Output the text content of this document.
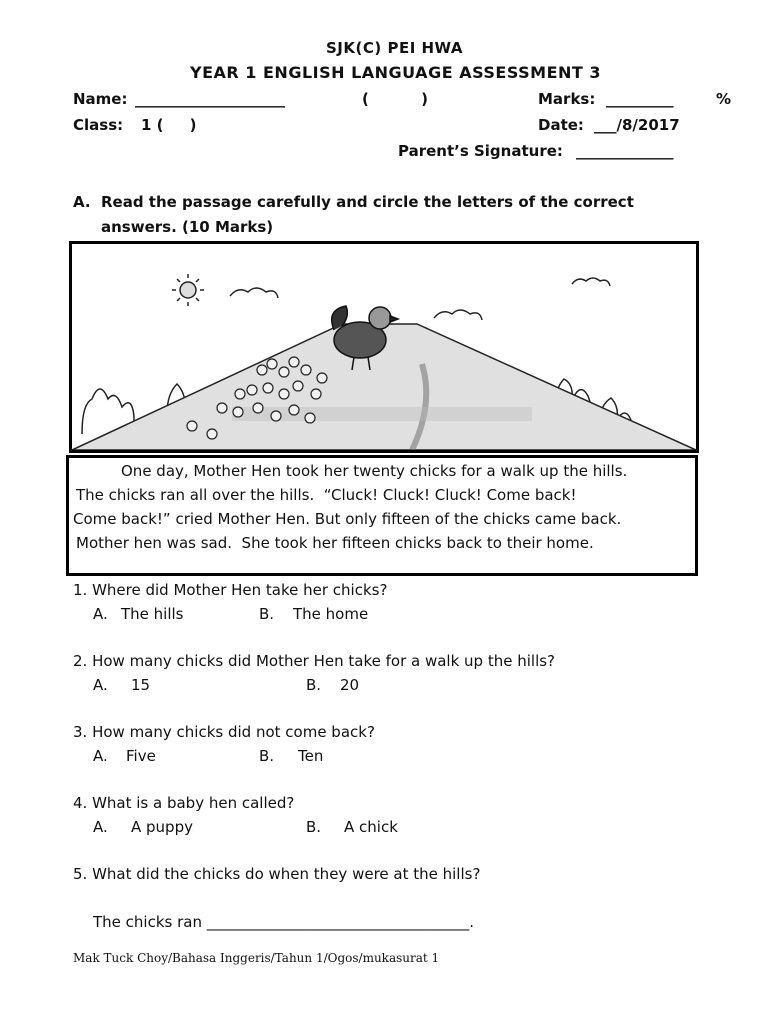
SJK(C) PEI HWA
YEAR 1 ENGLISH LANGUAGE ASSESSMENT 3
Name: ____________________	(          )	Marks: _________	%
Class: 1 (     )	Date: ___/8/2017
Parent’s Signature: _____________
A. Read the passage carefully and circle the letters of the correct
answers. (10 Marks)
One day, Mother Hen took her twenty chicks for a walk up the hills.
The chicks ran all over the hills.  “Cluck! Cluck! Cluck! Come back!
Come back!” cried Mother Hen. But only fifteen of the chicks came back.
Mother hen was sad.  She took her fifteen chicks back to their home.
1. Where did Mother Hen take her chicks?
A. The hills	B. The home
2. How many chicks did Mother Hen take for a walk up the hills?
A. 15	B. 20
3. How many chicks did not come back?
A. Five	B. Ten
4. What is a baby hen called?
A. A puppy	B. A chick
5. What did the chicks do when they were at the hills?
The chicks ran ___________________________________.
Mak Tuck Choy/Bahasa Inggeris/Tahun 1/Ogos/mukasurat 1
